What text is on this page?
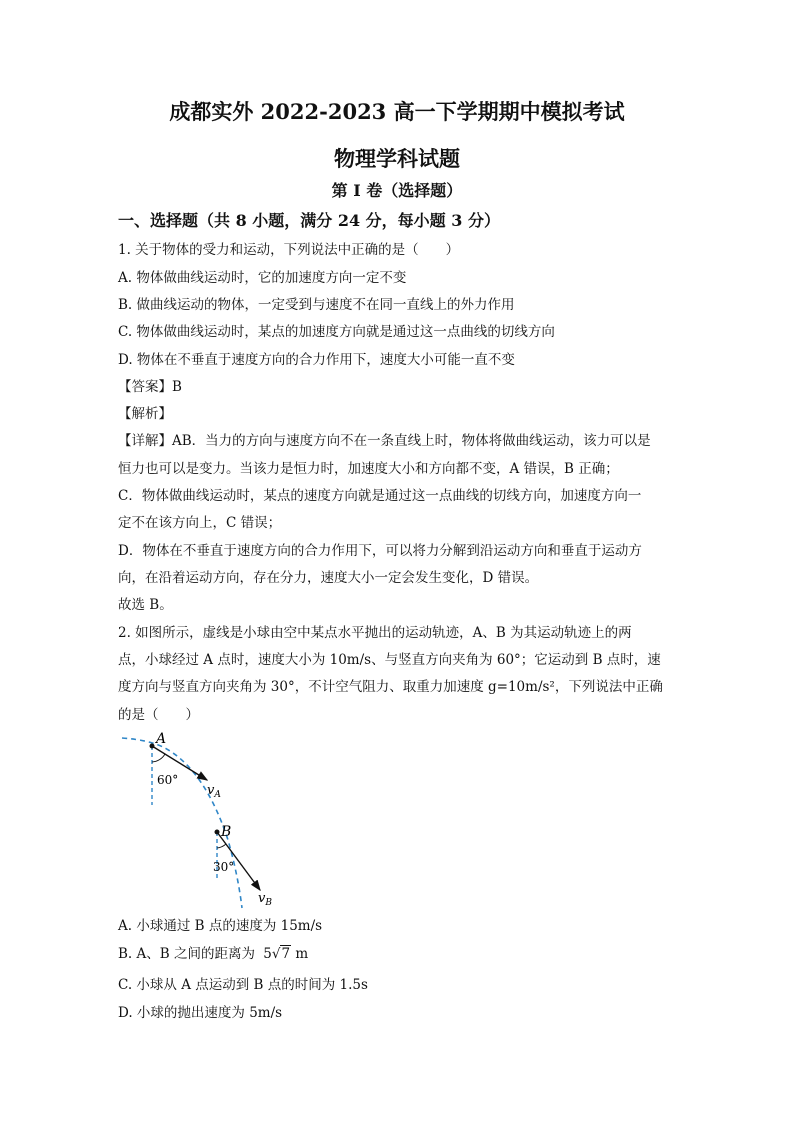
成都实外 2022-2023 高一下学期期中模拟考试
物理学科试题
第 I 卷（选择题）
一、选择题（共 8 小题，满分 24 分，每小题 3 分）
1. 关于物体的受力和运动，下列说法中正确的是（　　）
A. 物体做曲线运动时，它的加速度方向一定不变
B. 做曲线运动的物体，一定受到与速度不在同一直线上的外力作用
C. 物体做曲线运动时，某点的加速度方向就是通过这一点曲线的切线方向
D. 物体在不垂直于速度方向的合力作用下，速度大小可能一直不变
【答案】B
【解析】
【详解】AB．当力的方向与速度方向不在一条直线上时，物体将做曲线运动，该力可以是
恒力也可以是变力。当该力是恒力时，加速度大小和方向都不变，A 错误，B 正确；
C．物体做曲线运动时，某点的速度方向就是通过这一点曲线的切线方向，加速度方向一
定不在该方向上，C 错误；
D．物体在不垂直于速度方向的合力作用下，可以将力分解到沿运动方向和垂直于运动方
向，在沿着运动方向，存在分力，速度大小一定会发生变化，D 错误。
故选 B。
2. 如图所示，虚线是小球由空中某点水平抛出的运动轨迹，A、B 为其运动轨迹上的两
点，小球经过 A 点时，速度大小为 10m/s、与竖直方向夹角为 60°；它运动到 B 点时，速
度方向与竖直方向夹角为 30°，不计空气阻力、取重力加速度 g=10m/s²，下列说法中正确
的是（　　）
A
B
60°
30°
$v_A$
$v_B$
A. 小球通过 B 点的速度为 15m/s
B. A、B 之间的距离为 5√7 m
C. 小球从 A 点运动到 B 点的时间为 1.5s
D. 小球的抛出速度为 5m/s
